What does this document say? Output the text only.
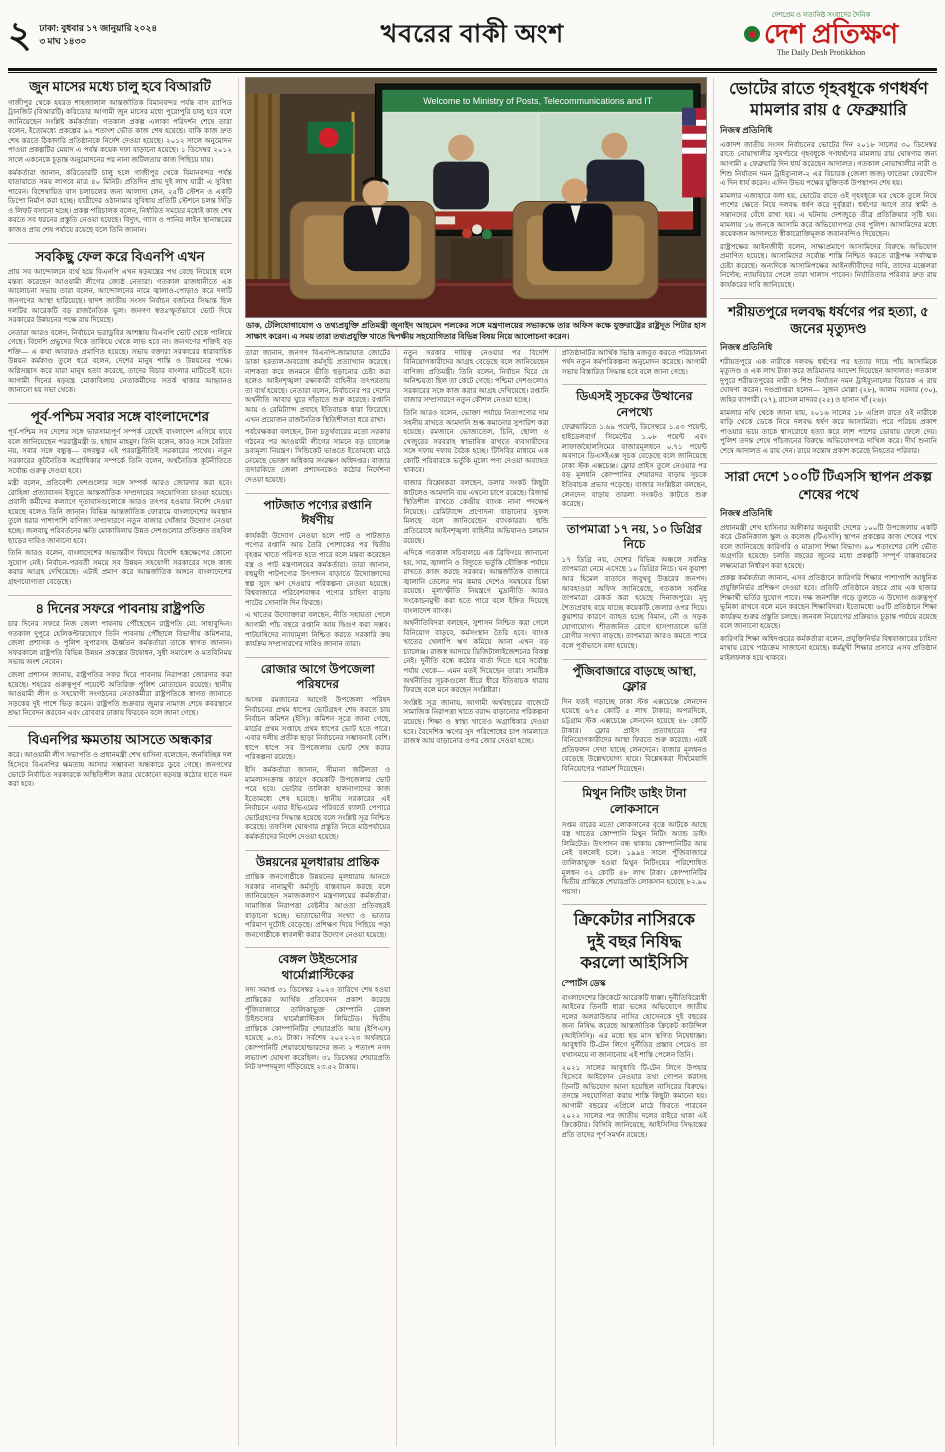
২ ঢাকা: বুধবার ১৭ জানুয়ারি ২০২৪
৩ মাঘ ১৪৩০	খবরের বাকী অংশ
দেশপ্রেম ও সত্যনিষ্ঠ সংবাদের দৈনিক
দেশ প্রতিক্ষণ
The Daily Desh Protikkhon
জুন মাসের মধ্যে চালু হবে বিআরটি

গাজীপুর থেকে হযরত শাহজালাল আন্তর্জাতিক বিমানবন্দর পর্যন্ত বাস র‌্যাপিড ট্রানজিট (বিআরটি) করিডোর আগামী জুন মাসের মধ্যে পুরোপুরি চালু হবে বলে জানিয়েছেন সংশ্লিষ্ট কর্মকর্তারা। গতকাল প্রকল্প এলাকা পরিদর্শন শেষে তারা বলেন, ইতোমধ্যে প্রকল্পের ৯২ শতাংশ ভৌত কাজ শেষ হয়েছে। বাকি কাজ দ্রুত শেষ করতে ঠিকাদারি প্রতিষ্ঠানকে নির্দেশ দেওয়া হয়েছে। ২০১২ সালে অনুমোদন পাওয়া প্রকল্পটির মেয়াদ এ পর্যন্ত কয়েক দফা বাড়ানো হয়েছে। ১ ডিসেম্বর ২০১২ সালে একনেকে চূড়ান্ত অনুমোদনের পর নানা জটিলতায় কাজ পিছিয়ে যায়।

কর্মকর্তারা জানান, করিডোরটি চালু হলে গাজীপুর থেকে বিমানবন্দর পর্যন্ত যাতায়াতে সময় লাগবে মাত্র ৪০ মিনিট। প্রতিদিন প্রায় দুই লাখ যাত্রী এ সুবিধা পাবেন। বিশেষায়িত বাস চলাচলের জন্য আলাদা লেন, ২৫টি স্টেশন ও একটি ডিপো নির্মাণ করা হচ্ছে। যাত্রীদের ওঠানামার সুবিধায় প্রতিটি স্টেশনে চলন্ত সিঁড়ি ও লিফট বসানো হচ্ছে। প্রকল্প পরিচালক বলেন, নির্ধারিত সময়ের মধ্যেই কাজ শেষ করতে সব ধরনের প্রস্তুতি নেওয়া হয়েছে। বিদ্যুৎ, গ্যাস ও পানির লাইন স্থানান্তরের কাজও প্রায় শেষ পর্যায়ে রয়েছে বলে তিনি জানান।

সবকিছু ফেল করে বিএনপি এখন

প্রায় সব আন্দোলনে ব্যর্থ হয়ে বিএনপি এখন ষড়যন্ত্রের পথ বেছে নিয়েছে বলে মন্তব্য করেছেন আওয়ামী লীগের জ্যেষ্ঠ নেতারা। গতকাল রাজধানীতে এক আলোচনা সভায় তারা বলেন, আন্দোলনের নামে জ্বালাও-পোড়াও করে দলটি জনগণের আস্থা হারিয়েছে। দ্বাদশ জাতীয় সংসদ নির্বাচন বর্জনের সিদ্ধান্ত ছিল দলটির আরেকটি বড় রাজনৈতিক ভুল। জনগণ স্বতঃস্ফূর্তভাবে ভোট দিয়ে সরকারের উন্নয়নের পক্ষে রায় দিয়েছে।

নেতারা আরও বলেন, নির্বাচনে ভরাডুবির আশঙ্কায় বিএনপি ভোট থেকে পালিয়ে গেছে। বিদেশি প্রভুদের দিকে তাকিয়ে থেকে লাভ হবে না। জনগণের শক্তিই বড় শক্তি— এ কথা আবারও প্রমাণিত হয়েছে। সভায় বক্তারা সরকারের ধারাবাহিক উন্নয়ন কর্মকাণ্ড তুলে ধরে বলেন, দেশের মানুষ শান্তি ও উন্নয়নের পক্ষে। অগ্নিসন্ত্রাস করে যারা মানুষ হত্যা করেছে, তাদের বিচার বাংলার মাটিতেই হবে। আগামী দিনের ষড়যন্ত্র মোকাবিলায় নেতাকর্মীদের সতর্ক থাকার আহ্বানও জানানো হয় সভা থেকে।

পূর্ব-পশ্চিম সবার সঙ্গে বাংলাদেশের

পূর্ব-পশ্চিম সব দেশের সঙ্গে ভারসাম্যপূর্ণ সম্পর্ক রেখেই বাংলাদেশ এগিয়ে যাবে বলে জানিয়েছেন পররাষ্ট্রমন্ত্রী ড. হাছান মাহমুদ। তিনি বলেন, কারও সঙ্গে বৈরিতা নয়, সবার সঙ্গে বন্ধুত্ব— বঙ্গবন্ধুর এই পররাষ্ট্রনীতিই সরকারের পাথেয়। নতুন সরকারের কূটনৈতিক অগ্রাধিকার সম্পর্কে তিনি বলেন, অর্থনৈতিক কূটনীতিতে সর্বোচ্চ গুরুত্ব দেওয়া হবে।

মন্ত্রী বলেন, প্রতিবেশী দেশগুলোর সঙ্গে সম্পর্ক আরও জোরদার করা হবে। রোহিঙ্গা প্রত্যাবাসন ইস্যুতে আন্তর্জাতিক সম্প্রদায়ের সহযোগিতা চাওয়া হয়েছে। প্রবাসী কর্মীদের কল্যাণে দূতাবাসগুলোকে আরও তৎপর হওয়ার নির্দেশ দেওয়া হয়েছে বলেও তিনি জানান। বিভিন্ন আন্তর্জাতিক ফোরামে বাংলাদেশের অবস্থান তুলে ধরার পাশাপাশি বাণিজ্য সম্প্রসারণে নতুন বাজার খোঁজার উদ্যোগ নেওয়া হচ্ছে। জলবায়ু পরিবর্তনের ক্ষতি মোকাবিলায় উন্নত দেশগুলোর প্রতিশ্রুত তহবিল ছাড়ের দাবিও জানানো হবে।

তিনি আরও বলেন, বাংলাদেশের অভ্যন্তরীণ বিষয়ে বিদেশি হস্তক্ষেপের কোনো সুযোগ নেই। নির্বাচন-পরবর্তী সময়ে সব উন্নয়ন সহযোগী সরকারের সঙ্গে কাজ করার আগ্রহ দেখিয়েছে। এটাই প্রমাণ করে আন্তর্জাতিক অঙ্গনে বাংলাদেশের গ্রহণযোগ্যতা বেড়েছে।

৪ দিনের সফরে পাবনায় রাষ্ট্রপতি

চার দিনের সফরে নিজ জেলা পাবনায় পৌঁছেছেন রাষ্ট্রপতি মো. সাহাবুদ্দিন। গতকাল দুপুরে হেলিকপ্টারযোগে তিনি পাবনায় পৌঁছালে বিভাগীয় কমিশনার, জেলা প্রশাসক ও পুলিশ সুপারসহ ঊর্ধ্বতন কর্মকর্তারা তাকে স্বাগত জানান। সফরকালে রাষ্ট্রপতি বিভিন্ন উন্নয়ন প্রকল্পের উদ্বোধন, সুধী সমাবেশ ও মতবিনিময় সভায় অংশ নেবেন।

জেলা প্রশাসন জানায়, রাষ্ট্রপতির সফর ঘিরে পাবনায় নিরাপত্তা জোরদার করা হয়েছে। শহরের গুরুত্বপূর্ণ পয়েন্টে অতিরিক্ত পুলিশ মোতায়েন রয়েছে। স্থানীয় আওয়ামী লীগ ও সহযোগী সংগঠনের নেতাকর্মীরা রাষ্ট্রপতিকে স্বাগত জানাতে সড়কের দুই পাশে ভিড় করেন। রাষ্ট্রপতি শুক্রবার জুমার নামাজ শেষে কবরস্থানে শ্রদ্ধা নিবেদন করবেন এবং রোববার ঢাকায় ফিরবেন বলে জানা গেছে।

বিএনপির ক্ষমতায় আসতে অন্ধকার

করে। আওয়ামী লীগ সভাপতি ও প্রধানমন্ত্রী শেখ হাসিনা বলেছেন, জনবিচ্ছিন্ন দল হিসেবে বিএনপির ক্ষমতায় আসার সম্ভাবনা অন্ধকারে ডুবে গেছে। জনগণের ভোটে নির্বাচিত সরকারকে অস্থিতিশীল করার যেকোনো ষড়যন্ত্র কঠোর হাতে দমন করা হবে।

Welcome to Ministry of Posts, Telecommunications and IT
ডাক, টেলিযোগাযোগ ও তথ্যপ্রযুক্তি প্রতিমন্ত্রী জুনাইদ আহমেদ পলকের সঙ্গে মন্ত্রণালয়ের সভাকক্ষে তার অফিস কক্ষে যুক্তরাষ্ট্রের রাষ্ট্রদূত পিটার হাস সাক্ষাৎ করেন। এ সময় তারা তথ্যপ্রযুক্তি খাতে দ্বিপক্ষীয় সহযোগিতার বিভিন্ন বিষয় নিয়ে আলোচনা করেন।

তারা জানান, জনগণ বিএনপি-জামায়াত জোটের ডাকা হরতাল-অবরোধ কর্মসূচি প্রত্যাখ্যান করেছে। নাশকতা করে জনমনে ভীতি ছড়ানোর চেষ্টা করা হলেও আইনশৃঙ্খলা রক্ষাকারী বাহিনীর তৎপরতায় তা ব্যর্থ হয়েছে। নেতারা বলেন, নির্বাচনের পর দেশের অর্থনীতি আবার ঘুরে দাঁড়াতে শুরু করেছে। রপ্তানি আয় ও রেমিট্যান্স প্রবাহে ইতিবাচক ধারা ফিরেছে। এখন প্রয়োজন রাজনৈতিক স্থিতিশীলতা ধরে রাখা।

পর্যবেক্ষকরা বলছেন, টানা চতুর্থবারের মতো সরকার গঠনের পর আওয়ামী লীগের সামনে বড় চ্যালেঞ্জ দ্রব্যমূল্য নিয়ন্ত্রণ। সিন্ডিকেট ভাঙতে ইতোমধ্যে মাঠে নেমেছে ভোক্তা অধিকার সংরক্ষণ অধিদপ্তর। বাজার তদারকিতে জেলা প্রশাসনকেও কঠোর নির্দেশনা দেওয়া হয়েছে।

পাটজাত পণ্যের রপ্তানি ঈর্ষণীয়

কার্যকরী উদ্যোগ নেওয়া হলে পাট ও পাটজাত পণ্যের রপ্তানি আয় তৈরি পোশাকের পর দ্বিতীয় বৃহত্তম খাতে পরিণত হতে পারে বলে মন্তব্য করেছেন বস্ত্র ও পাট মন্ত্রণালয়ের কর্মকর্তারা। তারা জানান, বহুমুখী পাটপণ্যের উৎপাদন বাড়াতে উদ্যোক্তাদের স্বল্প সুদে ঋণ দেওয়ার পরিকল্পনা নেওয়া হয়েছে। বিশ্ববাজারে পরিবেশবান্ধব পণ্যের চাহিদা বাড়ায় পাটের সোনালি দিন ফিরছে।

এ খাতের উদ্যোক্তারা বলছেন, নীতি সহায়তা পেলে আগামী পাঁচ বছরে রপ্তানি আয় দ্বিগুণ করা সম্ভব। পাটচাষিদের ন্যায্যমূল্য নিশ্চিত করতে সরকারি ক্রয় কার্যক্রম সম্প্রসারণের দাবিও জানান তারা।

রোজার আগে উপজেলা পরিষদের

আসন্ন রমজানের আগেই উপজেলা পরিষদ নির্বাচনের প্রথম ধাপের ভোটগ্রহণ শেষ করতে চায় নির্বাচন কমিশন (ইসি)। কমিশন সূত্রে জানা গেছে, মার্চের প্রথম সপ্তাহে প্রথম ধাপের ভোট হতে পারে। এবার দলীয় প্রতীক ছাড়া নির্বাচনের সম্ভাবনাই বেশি। ধাপে ধাপে সব উপজেলায় ভোট শেষ করার পরিকল্পনা রয়েছে।

ইসি কর্মকর্তারা জানান, সীমানা জটিলতা ও মামলাসংক্রান্ত কারণে কয়েকটি উপজেলার ভোট পরে হবে। ভোটার তালিকা হালনাগাদের কাজ ইতোমধ্যে শেষ হয়েছে। স্থানীয় সরকারের এই নির্বাচনে এবার ইভিএমের পরিবর্তে ব্যালট পেপারে ভোটগ্রহণের সিদ্ধান্ত হয়েছে বলে সংশ্লিষ্ট সূত্র নিশ্চিত করেছে। তফসিল ঘোষণার প্রস্তুতি নিতে মাঠপর্যায়ের কর্মকর্তাদের নির্দেশ দেওয়া হয়েছে।

উন্নয়নের মূলধারায় প্রান্তিক

প্রান্তিক জনগোষ্ঠীকে উন্নয়নের মূলধারায় আনতে সরকার নানামুখী কর্মসূচি বাস্তবায়ন করছে বলে জানিয়েছেন সমাজকল্যাণ মন্ত্রণালয়ের কর্মকর্তারা। সামাজিক নিরাপত্তা বেষ্টনীর আওতা প্রতিবছরই বাড়ানো হচ্ছে। ভাতাভোগীর সংখ্যা ও ভাতার পরিমাণ দুটোই বেড়েছে। প্রশিক্ষণ দিয়ে পিছিয়ে পড়া জনগোষ্ঠীকে স্বাবলম্বী করার উদ্যোগ নেওয়া হয়েছে।

বেঙ্গল উইন্ডসোর থার্মোপ্লাস্টিকের

সদ্য সমাপ্ত ৩১ ডিসেম্বর ২০২৩ তারিখে শেষ হওয়া প্রান্তিকের আর্থিক প্রতিবেদন প্রকাশ করেছে পুঁজিবাজারে তালিকাভুক্ত কোম্পানি বেঙ্গল উইন্ডসোর থার্মোপ্লাস্টিকস লিমিটেড। দ্বিতীয় প্রান্তিকে কোম্পানিটির শেয়ারপ্রতি আয় (ইপিএস) হয়েছে ০.৩১ টাকা। সর্বশেষ ২০২২-২৩ অর্থবছরে কোম্পানিটি শেয়ারহোল্ডারদের জন্য ২ শতাংশ নগদ লভ্যাংশ ঘোষণা করেছিল। ৩১ ডিসেম্বর শেয়ারপ্রতি নিট সম্পদমূল্য দাঁড়িয়েছে ২৩.৫২ টাকায়।

নতুন সরকার দায়িত্ব নেওয়ার পর বিদেশি বিনিয়োগকারীদের আগ্রহ বেড়েছে বলে জানিয়েছেন বাণিজ্য প্রতিমন্ত্রী। তিনি বলেন, নির্বাচন ঘিরে যে অনিশ্চয়তা ছিল তা কেটে গেছে। পশ্চিমা দেশগুলোও সরকারের সঙ্গে কাজ করার আগ্রহ দেখিয়েছে। রপ্তানি বাজার সম্প্রসারণে নতুন কৌশল নেওয়া হচ্ছে।

তিনি আরও বলেন, ভোক্তা পর্যায়ে নিত্যপণ্যের দাম সহনীয় রাখতে আমদানি শুল্ক কমানোর সুপারিশ করা হয়েছে। রমজানে ভোজ্যতেল, চিনি, ছোলা ও খেজুরের সরবরাহ স্বাভাবিক রাখতে ব্যবসায়ীদের সঙ্গে দফায় দফায় বৈঠক হচ্ছে। টিসিবির মাধ্যমে এক কোটি পরিবারকে ভর্তুকি মূল্যে পণ্য দেওয়া অব্যাহত থাকবে।

বাজার বিশ্লেষকরা বলছেন, ডলার সংকট কিছুটা কাটলেও আমদানি ব্যয় এখনো চাপে রয়েছে। রিজার্ভ স্থিতিশীল রাখতে কেন্দ্রীয় ব্যাংক নানা পদক্ষেপ নিয়েছে। রেমিট্যান্সে প্রণোদনা বাড়ানোর সুফল মিলছে বলে জানিয়েছেন ব্যাংকাররা। হুন্ডি প্রতিরোধে আইনশৃঙ্খলা বাহিনীর অভিযানও চলমান রয়েছে।

এদিকে গতকাল সচিবালয়ে এক ব্রিফিংয়ে জানানো হয়, সার, জ্বালানি ও বিদ্যুতে ভর্তুকি যৌক্তিক পর্যায়ে রাখতে কাজ করছে সরকার। আন্তর্জাতিক বাজারে জ্বালানি তেলের দাম কমায় দেশেও সমন্বয়ের চিন্তা রয়েছে। মূল্যস্ফীতি নিয়ন্ত্রণে মুদ্রানীতি আরও সংকোচনমুখী করা হতে পারে বলে ইঙ্গিত দিয়েছে বাংলাদেশ ব্যাংক।

অর্থনীতিবিদরা বলছেন, সুশাসন নিশ্চিত করা গেলে বিনিয়োগ বাড়বে, কর্মসংস্থান তৈরি হবে। ব্যাংক খাতের খেলাপি ঋণ কমিয়ে আনা এখন বড় চ্যালেঞ্জ। রাজস্ব আদায়ে ডিজিটালাইজেশনের বিকল্প নেই। দুর্নীতি বন্ধে কঠোর বার্তা দিতে হবে সর্বোচ্চ পর্যায় থেকে— এমন মতই দিয়েছেন তারা। সামষ্টিক অর্থনীতির সূচকগুলো ধীরে ধীরে ইতিবাচক ধারায় ফিরছে বলে মনে করছেন সংশ্লিষ্টরা।

সংশ্লিষ্ট সূত্র জানায়, আগামী অর্থবছরের বাজেটে সামাজিক নিরাপত্তা খাতে বরাদ্দ বাড়ানোর পরিকল্পনা রয়েছে। শিক্ষা ও স্বাস্থ্য খাতেও অগ্রাধিকার দেওয়া হবে। বৈদেশিক ঋণের সুদ পরিশোধের চাপ সামলাতে রাজস্ব আয় বাড়ানোর ওপর জোর দেওয়া হচ্ছে।

প্রতিষ্ঠানটির আর্থিক ভিত্তি মজবুত করতে পরিচালনা পর্ষদ নতুন কর্মপরিকল্পনা অনুমোদন করেছে। আগামী সভায় বিস্তারিত সিদ্ধান্ত হবে বলে জানা গেছে।

ডিএসই সূচকের উত্থানের নেপথ্যে

ফেব্রুয়ারিতে ১.৬৯ পয়েন্ট, ডিসেম্বরে ১.৫৩ পয়েন্ট, হাইডেলবার্গ সিমেন্টের ১.০৮ পয়েন্ট এবং লাফার্জহোলসিমের বাজারমূলধনে ০.৭১ পয়েন্ট অবদানে ডিএসইএক্স সূচক বেড়েছে বলে জানিয়েছে ঢাকা স্টক এক্সচেঞ্জ। ফ্লোর প্রাইস তুলে নেওয়ার পর বড় মূলধনি কোম্পানির শেয়ারদর বাড়ায় সূচকে ইতিবাচক প্রভাব পড়েছে। বাজার সংশ্লিষ্টরা বলছেন, লেনদেন বাড়ায় তারল্য সংকটও কাটতে শুরু করেছে।

তাপমাত্রা ১৭ নয়, ১০ ডিগ্রির নিচে

১৭ ডিগ্রি নয়, দেশের বিভিন্ন অঞ্চলে সর্বনিম্ন তাপমাত্রা নেমে এসেছে ১০ ডিগ্রির নিচে। ঘন কুয়াশা আর হিমেল বাতাসে জবুথবু উত্তরের জনপদ। আবহাওয়া অফিস জানিয়েছে, গতকাল সর্বনিম্ন তাপমাত্রা রেকর্ড করা হয়েছে দিনাজপুরে। মৃদু শৈত্যপ্রবাহ বয়ে যাচ্ছে কয়েকটি জেলার ওপর দিয়ে। কুয়াশার কারণে ব্যাহত হচ্ছে বিমান, নৌ ও সড়ক যোগাযোগ। শীতজনিত রোগে হাসপাতালে ভর্তি রোগীর সংখ্যা বাড়ছে। তাপমাত্রা আরও কমতে পারে বলে পূর্বাভাসে বলা হয়েছে।

পুঁজিবাজারে বাড়ছে আস্থা, ফ্লোর

দিন যতই গড়াচ্ছে ঢাকা স্টক এক্সচেঞ্জে লেনদেন হয়েছে ৬৭৫ কোটি ৫ লাখ টাকার; অপরদিকে, চট্টগ্রাম স্টক এক্সচেঞ্জে লেনদেন হয়েছে ৪৮ কোটি টাকার। ফ্লোর প্রাইস প্রত্যাহারের পর বিনিয়োগকারীদের আস্থা ফিরতে শুরু করেছে। এরই প্রতিফলন দেখা যাচ্ছে লেনদেনে। বাজার মূলধনও বেড়েছে উল্লেখযোগ্য হারে। বিশ্লেষকরা দীর্ঘমেয়াদি বিনিয়োগের পরামর্শ দিয়েছেন।

মিথুন নিটিং ডাইং টানা লোকসানে

সপ্তম বারের মতো লোকসানের বৃত্তে আটকে আছে বস্ত্র খাতের কোম্পানি মিথুন নিটিং অ্যান্ড ডাইং লিমিটেড। উৎপাদন বন্ধ থাকায় কোম্পানিটির আয় নেই বললেই চলে। ১৯৯৪ সালে পুঁজিবাজারে তালিকাভুক্ত হওয়া মিথুন নিটিংয়ের পরিশোধিত মূলধন ৩২ কোটি ৪৮ লাখ টাকা। কোম্পানিটির দ্বিতীয় প্রান্তিকে শেয়ারপ্রতি লোকসান হয়েছে ৮২.৯০ পয়সা।

ক্রিকেটার নাসিরকে দুই বছর নিষিদ্ধ করলো আইসিসি
স্পোর্টস ডেস্ক

বাংলাদেশের ক্রিকেটে আরেকটি ধাক্কা। দুর্নীতিবিরোধী আইনের তিনটি ধারা ভঙ্গের অভিযোগে জাতীয় দলের অলরাউন্ডার নাসির হোসেনকে দুই বছরের জন্য নিষিদ্ধ করেছে আন্তর্জাতিক ক্রিকেট কাউন্সিল (আইসিসি)। এর মধ্যে ছয় মাস স্থগিত নিষেধাজ্ঞা। আবুধাবি টি-টেন লিগে দুর্নীতির প্রস্তাব পেয়েও তা যথাসময়ে না জানানোয় এই শাস্তি পেলেন তিনি।

২০২১ সালের আবুধাবি টি-টেন লিগে উপহার হিসেবে আইফোন নেওয়ার তথ্য গোপন করাসহ তিনটি অভিযোগ আনা হয়েছিল নাসিরের বিরুদ্ধে। তদন্তে সহযোগিতা করায় শাস্তি কিছুটা কমানো হয়। আগামী বছরের এপ্রিলে মাঠে ফিরতে পারবেন ২০২২ সালের পর জাতীয় দলের বাইরে থাকা এই ক্রিকেটার। বিসিবি জানিয়েছে, আইসিসির সিদ্ধান্তের প্রতি তাদের পূর্ণ সমর্থন রয়েছে।

ভোটের রাতে গৃহবধূকে গণধর্ষণ মামলার রায় ৫ ফেব্রুয়ারি
নিজস্ব প্রতিনিধি

একাদশ জাতীয় সংসদ নির্বাচনের ভোটের দিন ২০১৮ সালের ৩০ ডিসেম্বর রাতে নোয়াখালীর সুবর্ণচরে গৃহবধূকে গণধর্ষণের মামলায় রায় ঘোষণার জন্য আগামী ৫ ফেব্রুয়ারি দিন ধার্য করেছেন আদালত। গতকাল নোয়াখালীর নারী ও শিশু নির্যাতন দমন ট্রাইব্যুনাল-২ এর বিচারক (জেলা জজ) ফাতেমা ফেরদৌস এ দিন ধার্য করেন। এদিন উভয় পক্ষের যুক্তিতর্ক উপস্থাপন শেষ হয়।

মামলার এজাহারে বলা হয়, ভোটের রাতে ওই গৃহবধূকে ঘর থেকে তুলে নিয়ে পাশের ক্ষেতে নিয়ে দলবদ্ধ ধর্ষণ করে দুর্বৃত্তরা। ধর্ষণের আগে তার স্বামী ও সন্তানদের বেঁধে রাখা হয়। এ ঘটনায় দেশজুড়ে তীব্র প্রতিক্রিয়ার সৃষ্টি হয়। মামলায় ১৬ জনকে আসামি করে অভিযোগপত্র দেয় পুলিশ। আসামিদের মধ্যে কয়েকজন আদালতে স্বীকারোক্তিমূলক জবানবন্দিও দিয়েছেন।

রাষ্ট্রপক্ষের আইনজীবী বলেন, সাক্ষ্যপ্রমাণে আসামিদের বিরুদ্ধে অভিযোগ প্রমাণিত হয়েছে। আসামিদের সর্বোচ্চ শাস্তি নিশ্চিত করতে রাষ্ট্রপক্ষ সর্বাত্মক চেষ্টা করেছে। অন্যদিকে আসামিপক্ষের আইনজীবীদের দাবি, তাদের মক্কেলরা নির্দোষ; ন্যায়বিচার পেলে তারা খালাস পাবেন। নির্যাতিতার পরিবার দ্রুত রায় কার্যকরের দাবি জানিয়েছে।

শরীয়তপুরে দলবদ্ধ ধর্ষণের পর হত্যা, ৫ জনের মৃত্যুদণ্ড
নিজস্ব প্রতিনিধি

শরীয়তপুরে এক নারীকে দলবদ্ধ ধর্ষণের পর হত্যার দায়ে পাঁচ আসামিকে মৃত্যুদণ্ড ও এক লাখ টাকা করে জরিমানার আদেশ দিয়েছেন আদালত। গতকাল দুপুরে শরীয়তপুরের নারী ও শিশু নির্যাতন দমন ট্রাইব্যুনালের বিচারক এ রায় ঘোষণা করেন। দণ্ডপ্রাপ্তরা হলেন— সুজন মোল্লা (২৮), আলম সরদার (৩০), জহির ব্যাপারী (২৭), রাসেল মাদবর (২৫) ও হাসান খাঁ (২৬)।

মামলার নথি থেকে জানা যায়, ২০১৬ সালের ১৮ এপ্রিল রাতে ওই নারীকে বাড়ি থেকে ডেকে নিয়ে দলবদ্ধ ধর্ষণ করে আসামিরা। পরে পরিচয় প্রকাশ পাওয়ার ভয়ে তাকে শ্বাসরোধে হত্যা করে লাশ পাশের ডোবায় ফেলে দেয়। পুলিশ তদন্ত শেষে পাঁচজনের বিরুদ্ধে অভিযোগপত্র দাখিল করে। দীর্ঘ শুনানি শেষে আদালত এ রায় দেন। রায়ে সন্তোষ প্রকাশ করেছে নিহতের পরিবার।

সারা দেশে ১০০টি টিএসসি স্থাপন প্রকল্প শেষের পথে
নিজস্ব প্রতিনিধি

প্রধানমন্ত্রী শেখ হাসিনার অঙ্গীকার অনুযায়ী দেশের ১০০টি উপজেলায় একটি করে টেকনিক্যাল স্কুল ও কলেজ (টিএসসি) স্থাপন প্রকল্পের কাজ শেষের পথে বলে জানিয়েছে কারিগরি ও মাদ্রাসা শিক্ষা বিভাগ। ৯০ শতাংশের বেশি ভৌত অগ্রগতি হয়েছে। চলতি বছরের জুনের মধ্যে প্রকল্পটি সম্পূর্ণ বাস্তবায়নের লক্ষ্যমাত্রা নির্ধারণ করা হয়েছে।

প্রকল্প কর্মকর্তারা জানান, এসব প্রতিষ্ঠানে কারিগরি শিক্ষার পাশাপাশি আধুনিক প্রযুক্তিনির্ভর প্রশিক্ষণ দেওয়া হবে। প্রতিটি প্রতিষ্ঠানে বছরে প্রায় এক হাজার শিক্ষার্থী ভর্তির সুযোগ পাবে। দক্ষ জনশক্তি গড়ে তুলতে এ উদ্যোগ গুরুত্বপূর্ণ ভূমিকা রাখবে বলে মনে করছেন শিক্ষাবিদরা। ইতোমধ্যে ৬৫টি প্রতিষ্ঠানে শিক্ষা কার্যক্রম শুরুর প্রস্তুতি চলছে। জনবল নিয়োগের প্রক্রিয়াও চূড়ান্ত পর্যায়ে রয়েছে বলে জানানো হয়েছে।

কারিগরি শিক্ষা অধিদপ্তরের কর্মকর্তারা বলেন, প্রযুক্তিনির্ভর বিশ্ববাজারের চাহিদা মাথায় রেখে পাঠ্যক্রম সাজানো হয়েছে। কর্মমুখী শিক্ষার প্রসারে এসব প্রতিষ্ঠান মাইলফলক হয়ে থাকবে।
